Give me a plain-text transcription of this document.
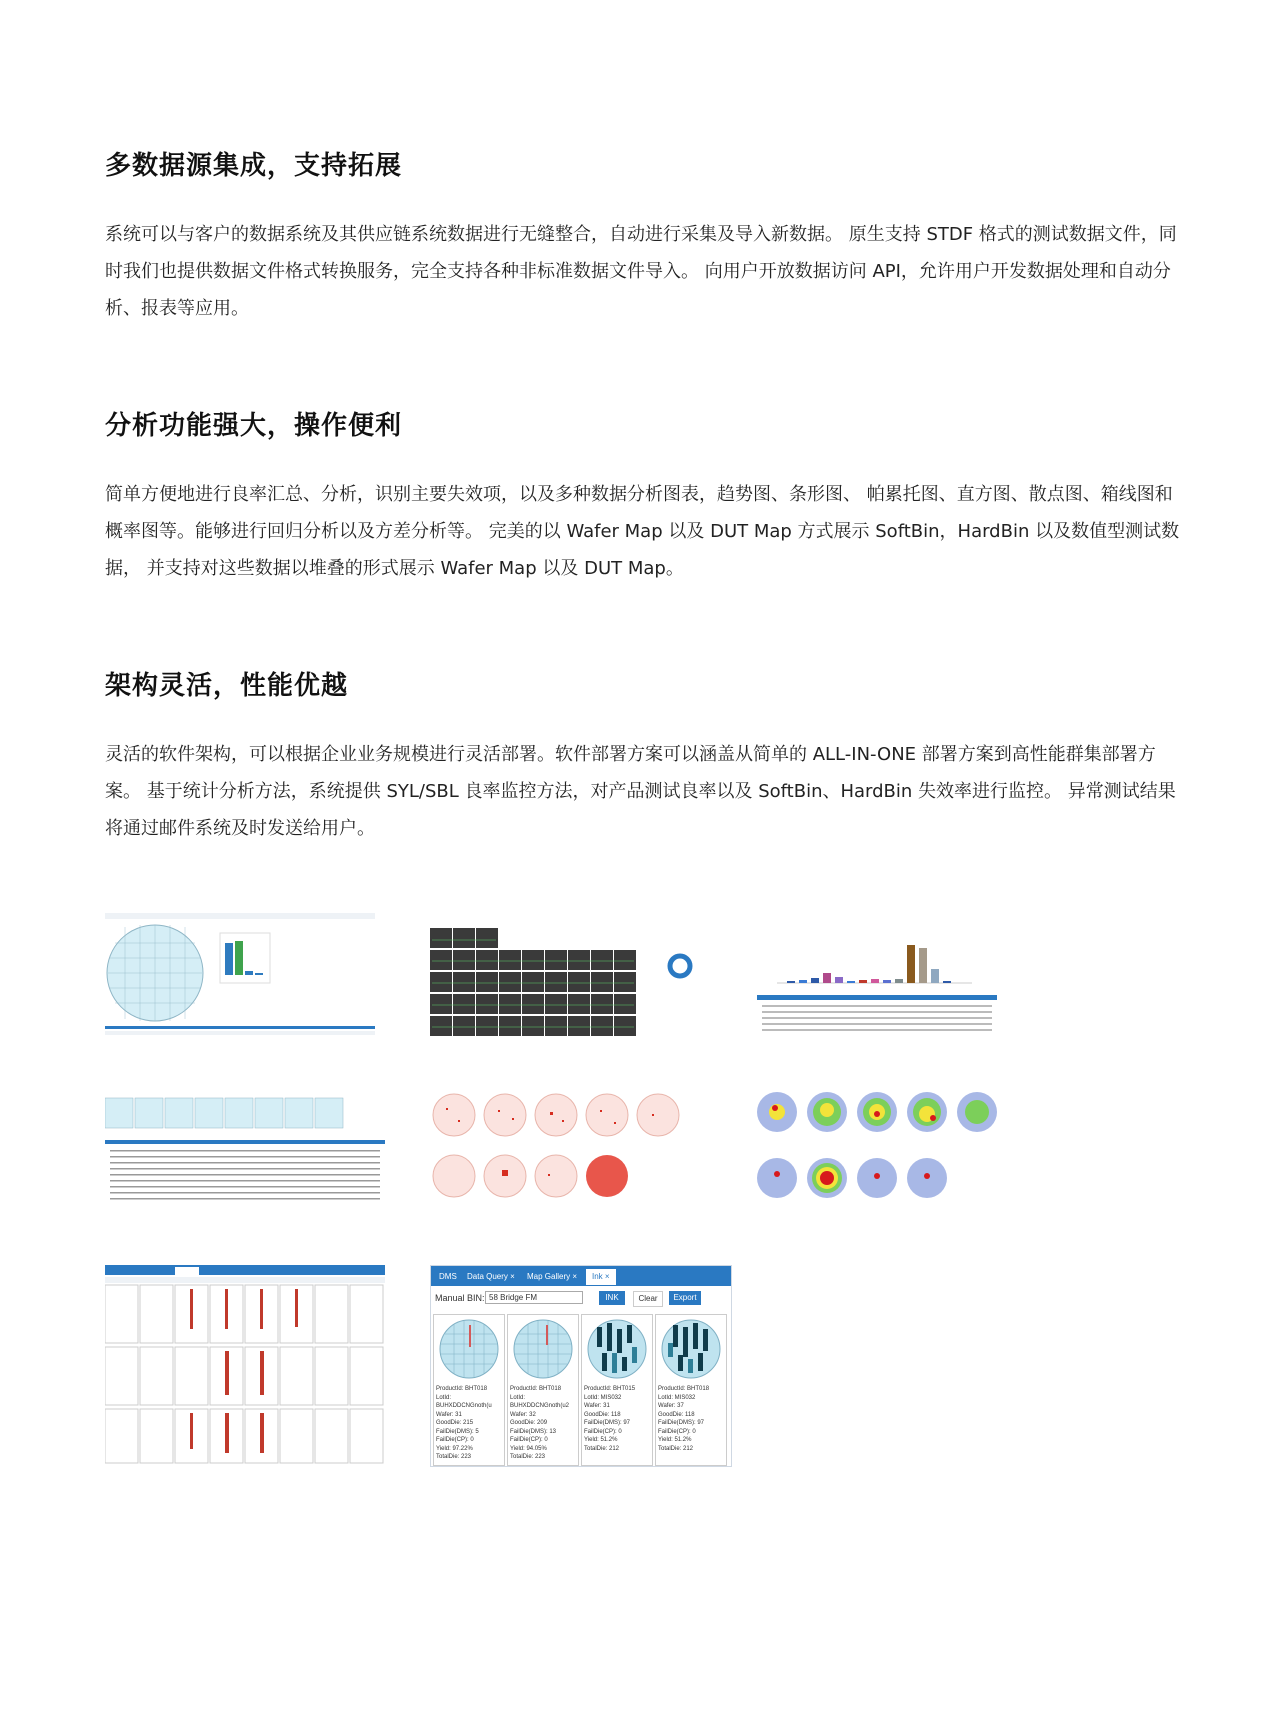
多数据源集成，支持拓展

系统可以与客户的数据系统及其供应链系统数据进行无缝整合，自动进行采集及导入新数据。 原生支持 STDF 格式的测试数据文件，同时我们也提供数据文件格式转换服务，完全支持各种非标准数据文件导入。 向用户开放数据访问 API，允许用户开发数据处理和自动分析、报表等应用。

分析功能强大，操作便利

简单方便地进行良率汇总、分析，识别主要失效项，以及多种数据分析图表，趋势图、条形图、 帕累托图、直方图、散点图、箱线图和概率图等。能够进行回归分析以及方差分析等。 完美的以 Wafer Map 以及 DUT Map 方式展示 SoftBin，HardBin 以及数值型测试数据， 并支持对这些数据以堆叠的形式展示 Wafer Map 以及 DUT Map。

架构灵活，性能优越

灵活的软件架构，可以根据企业业务规模进行灵活部署。软件部署方案可以涵盖从简单的 ALL-IN-ONE 部署方案到高性能群集部署方案。 基于统计分析方法，系统提供 SYL/SBL 良率监控方法，对产品测试良率以及 SoftBin、HardBin 失效率进行监控。 异常测试结果将通过邮件系统及时发送给用户。

DMS	Data Query ×	Map Gallery ×	Ink ×
Manual BIN: 58 Bridge FM	INK	Clear	Export
ProductId: BHT018
LotId:
BUHXDDCNGnoth(u
Wafer: 31
GoodDie: 215
FailDie(DMS): 5
FailDie(CP): 0
Yield: 97.22%
TotalDie: 223
ProductId: BHT018
LotId:
BUHXDDCNGnoth(u2
Wafer: 32
GoodDie: 209
FailDie(DMS): 13
FailDie(CP): 0
Yield: 94.05%
TotalDie: 223
ProductId: BHT015
LotId: MIS032
Wafer: 31
GoodDie: 118
FailDie(DMS): 97
FailDie(CP): 0
Yield: 51.2%
TotalDie: 212
ProductId: BHT018
LotId: MIS032
Wafer: 37
GoodDie: 118
FailDie(DMS): 97
FailDie(CP): 0
Yield: 51.2%
TotalDie: 212
